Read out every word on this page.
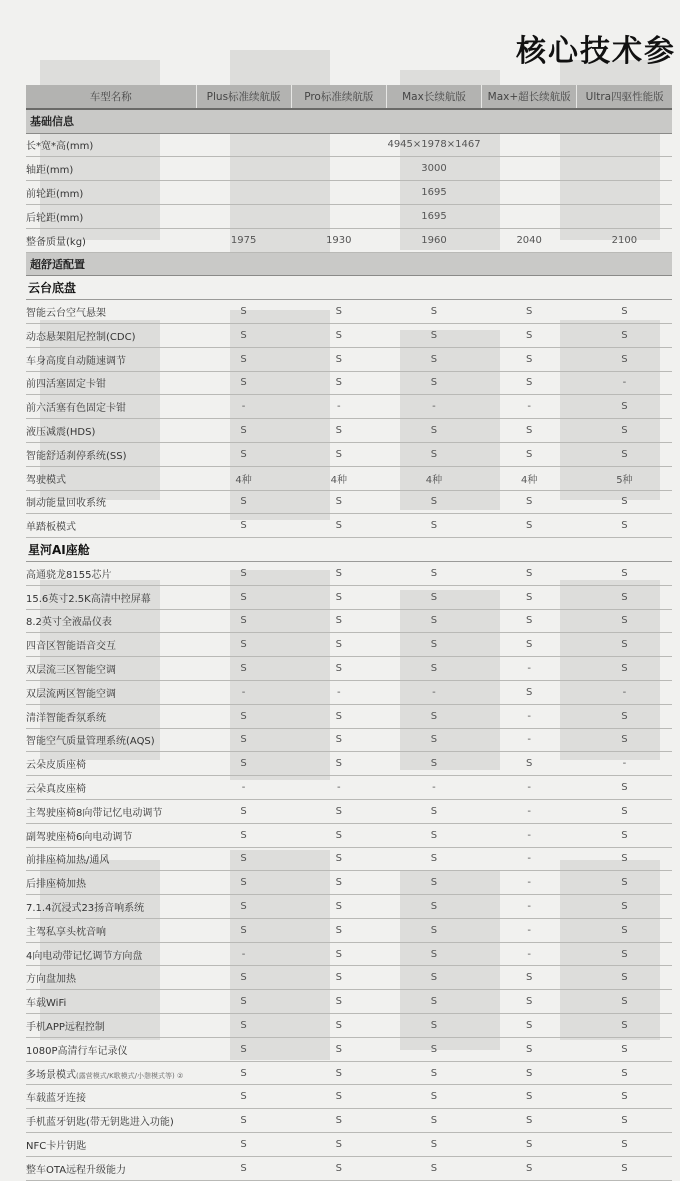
核心技术参
车型名称	Plus标准续航版	Pro标准续航版	Max长续航版	Max+超长续航版	Ultra四驱性能版
基础信息					
长*宽*高(mm)	4945×1978×1467				
轴距(mm)	3000				
前轮距(mm)	1695				
后轮距(mm)	1695				
整备质量(kg)	1975	1930	1960	2040	2100
超舒适配置					
云台底盘					
智能云台空气悬架	S	S	S	S	S
动态悬架阻尼控制(CDC)	S	S	S	S	S
车身高度自动随速调节	S	S	S	S	S
前四活塞固定卡钳	S	S	S	S	-
前六活塞有色固定卡钳	-	-	-	-	S
液压减震(HDS)	S	S	S	S	S
智能舒适刹停系统(SS)	S	S	S	S	S
驾驶模式	4种	4种	4种	4种	5种
制动能量回收系统	S	S	S	S	S
单踏板模式	S	S	S	S	S
星河AI座舱					
高通骁龙8155芯片	S	S	S	S	S
15.6英寸2.5K高清中控屏幕	S	S	S	S	S
8.2英寸全液晶仪表	S	S	S	S	S
四音区智能语音交互	S	S	S	S	S
双层流三区智能空调	S	S	S	-	S
双层流两区智能空调	-	-	-	S	-
清洋智能香氛系统	S	S	S	-	S
智能空气质量管理系统(AQS)	S	S	S	-	S
云朵皮质座椅	S	S	S	S	-
云朵真皮座椅	-	-	-	-	S
主驾驶座椅8向带记忆电动调节	S	S	S	-	S
副驾驶座椅6向电动调节	S	S	S	-	S
前排座椅加热/通风	S	S	S	-	S
后排座椅加热	S	S	S	-	S
7.1.4沉浸式23扬音响系统	S	S	S	-	S
主驾私享头枕音响	S	S	S	-	S
4向电动带记忆调节方向盘	-	S	S	-	S
方向盘加热	S	S	S	S	S
车载WiFi	S	S	S	S	S
手机APP远程控制	S	S	S	S	S
1080P高清行车记录仪	S	S	S	S	S
多场景模式(露营模式/K歌模式/小憩模式等) ②	S	S	S	S	S
车载蓝牙连接	S	S	S	S	S
手机蓝牙钥匙(带无钥匙进入功能)	S	S	S	S	S
NFC卡片钥匙	S	S	S	S	S
整车OTA远程升级能力	S	S	S	S	S
